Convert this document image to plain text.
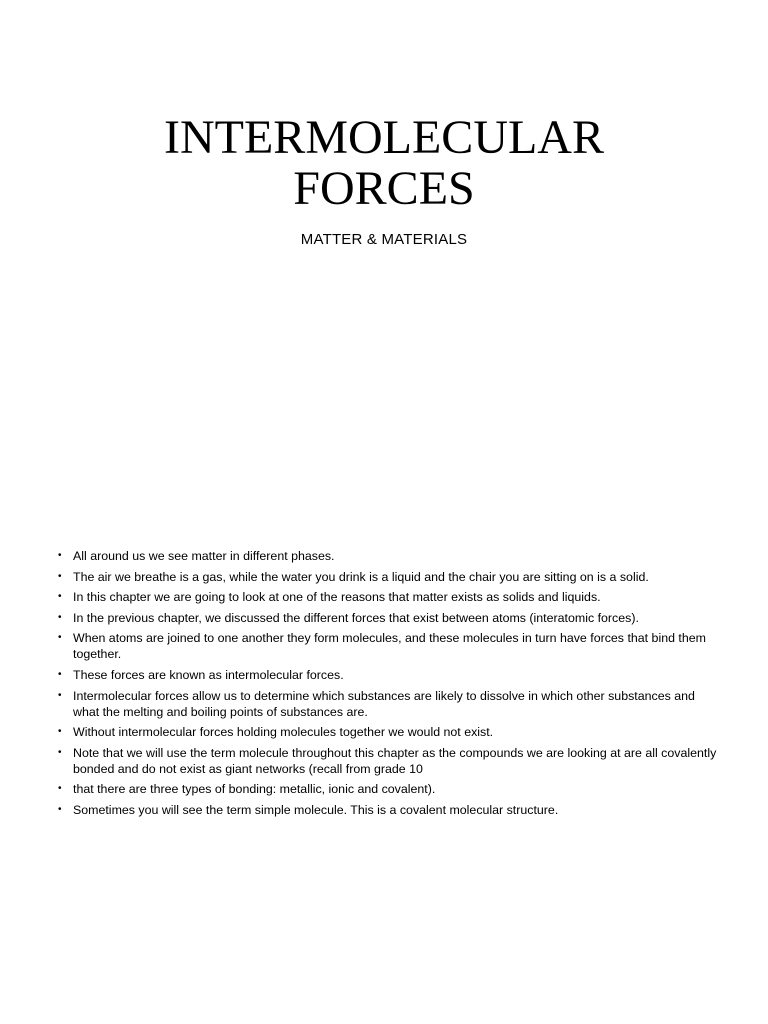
INTERMOLECULAR
FORCES
MATTER & MATERIALS
• All around us we see matter in different phases.
• The air we breathe is a gas, while the water you drink is a liquid and the chair you are sitting on is a solid.
• In this chapter we are going to look at one of the reasons that matter exists as solids and liquids.
• In the previous chapter, we discussed the different forces that exist between atoms (interatomic forces).
• When atoms are joined to one another they form molecules, and these molecules in turn have forces that bind them together.
• These forces are known as intermolecular forces.
• Intermolecular forces allow us to determine which substances are likely to dissolve in which other substances and what the melting and boiling points of substances are.
• Without intermolecular forces holding molecules together we would not exist.
• Note that we will use the term molecule throughout this chapter as the compounds we are looking at are all covalently bonded and do not exist as giant networks (recall from grade 10
• that there are three types of bonding: metallic, ionic and covalent).
• Sometimes you will see the term simple molecule. This is a covalent molecular structure.
